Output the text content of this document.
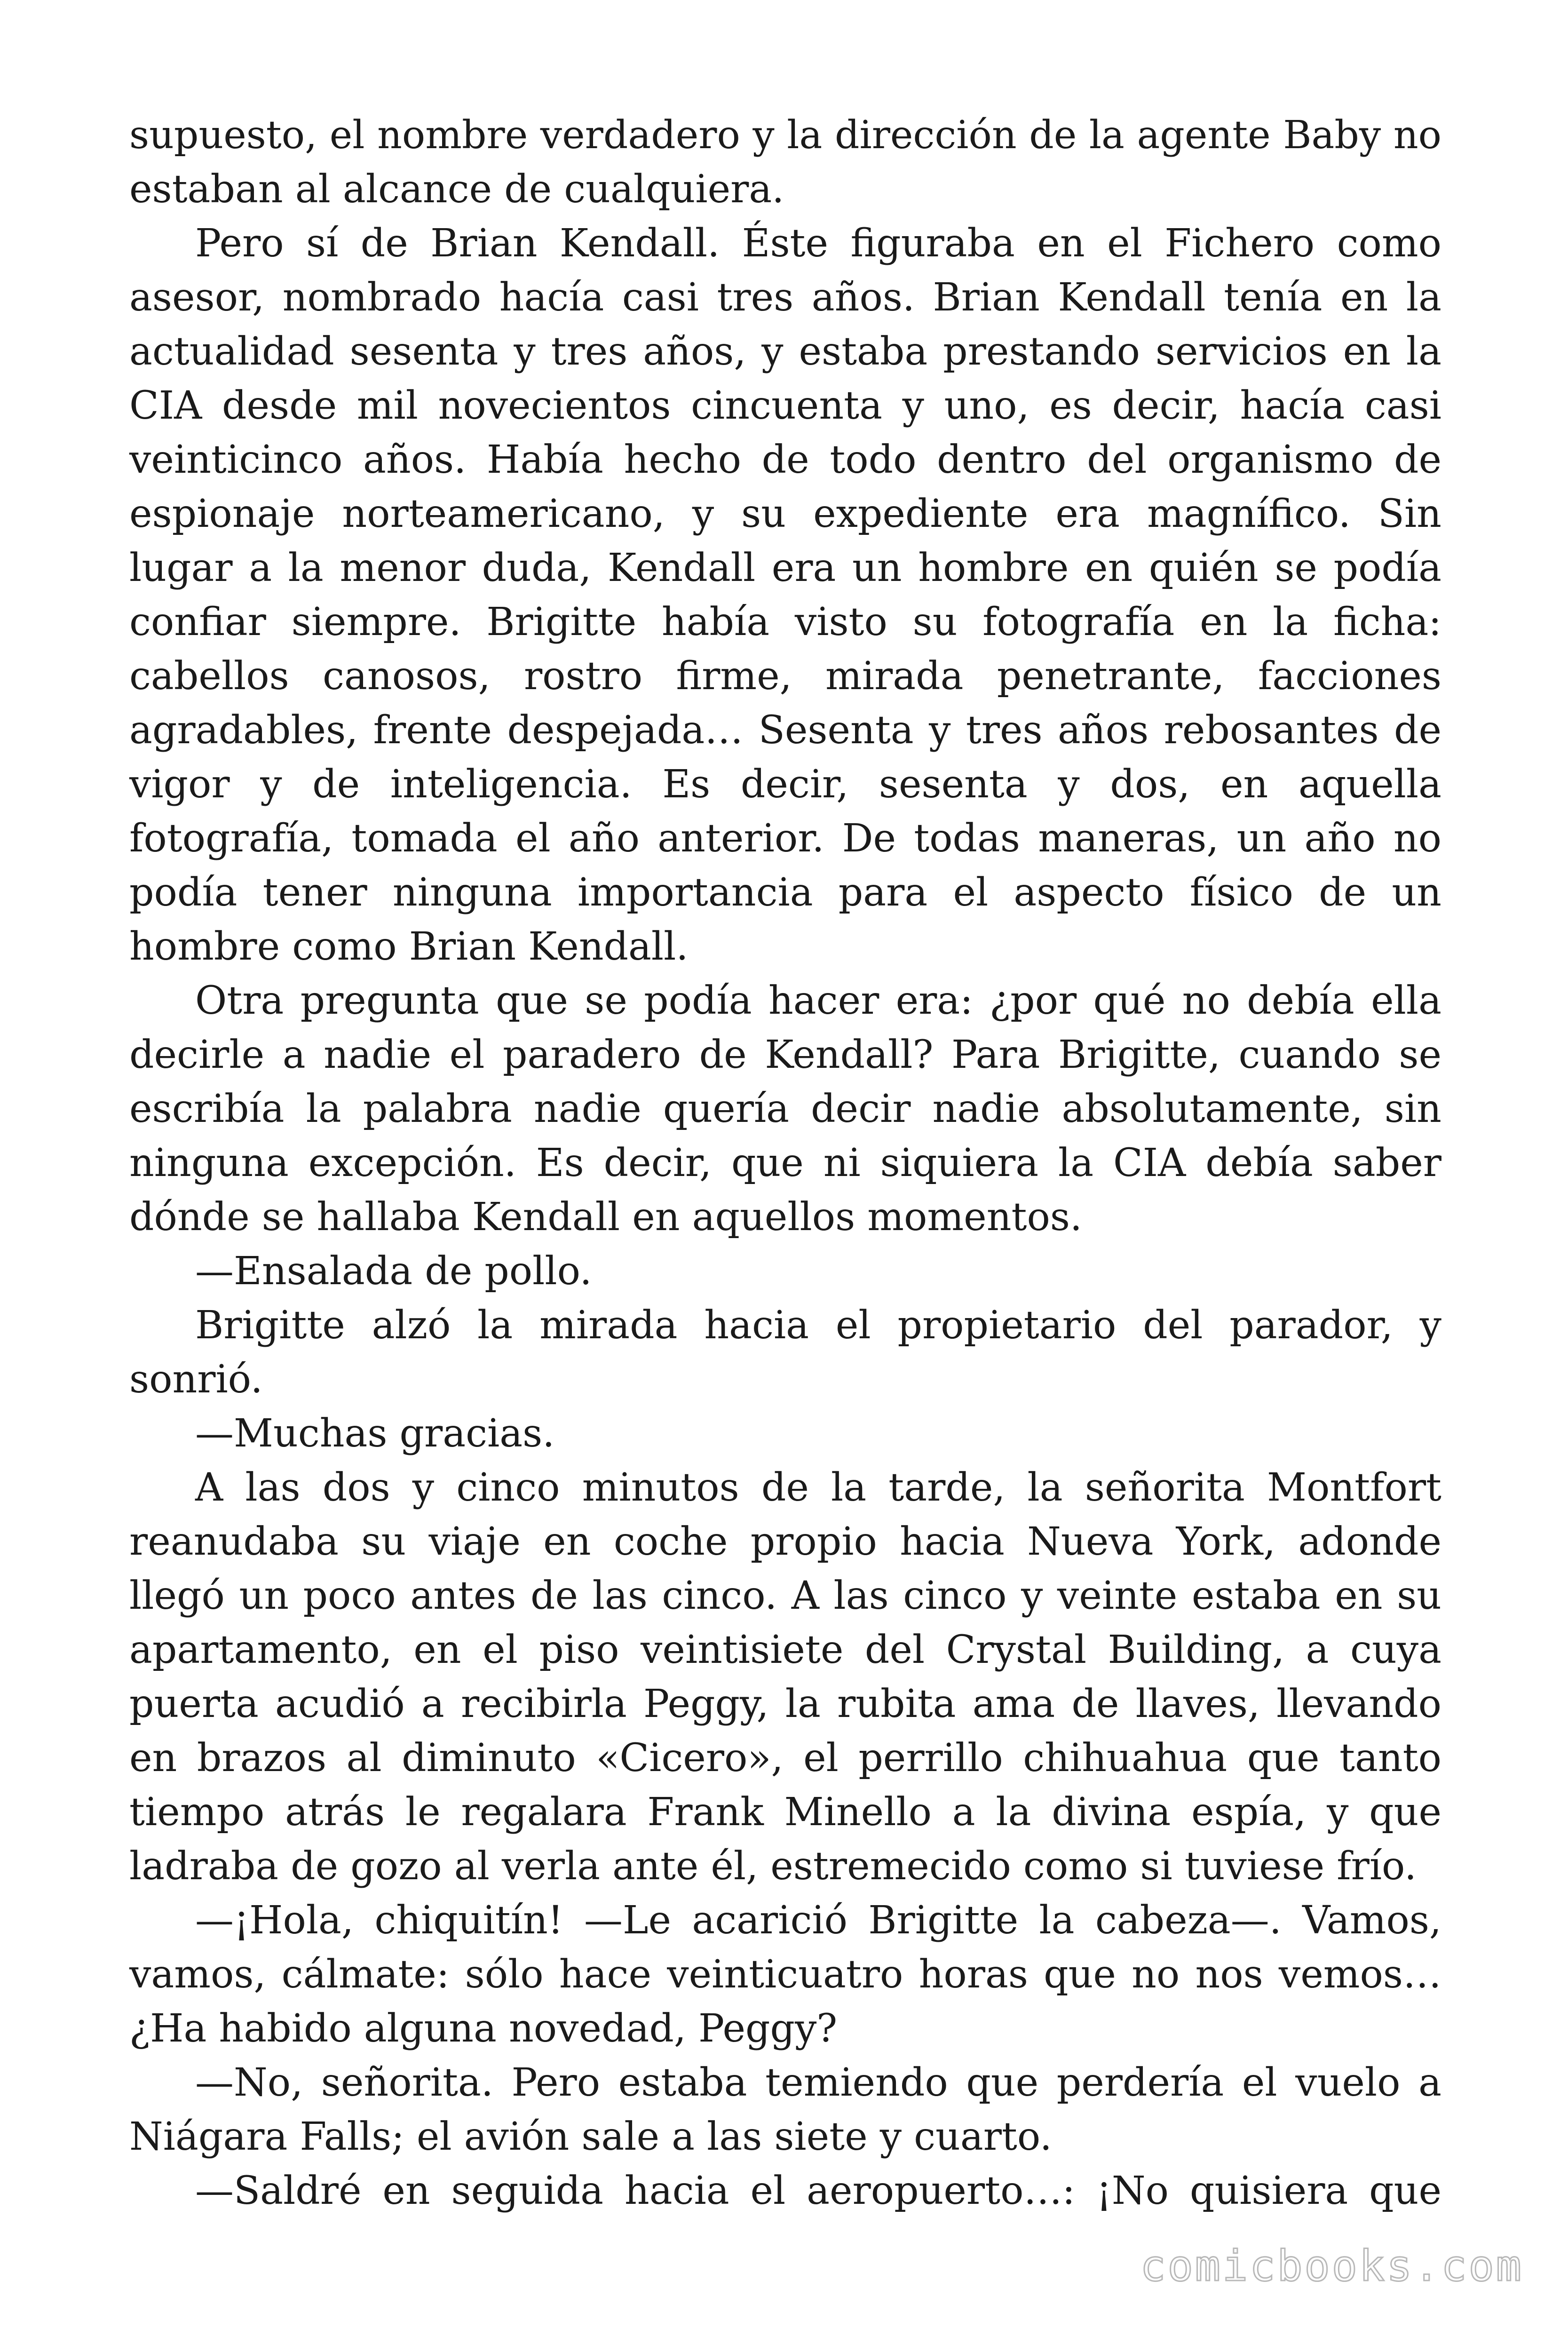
supuesto, el nombre verdadero y la dirección de la agente Baby no estaban al alcance de cualquiera.

Pero sí de Brian Kendall. Éste figuraba en el Fichero como asesor, nombrado hacía casi tres años. Brian Kendall tenía en la actualidad sesenta y tres años, y estaba prestando servicios en la CIA desde mil novecientos cincuenta y uno, es decir, hacía casi veinticinco años. Había hecho de todo dentro del organismo de espionaje norteamericano, y su expediente era magnífico. Sin lugar a la menor duda, Kendall era un hombre en quién se podía confiar siempre. Brigitte había visto su fotografía en la ficha: cabellos canosos, rostro firme, mirada penetrante, facciones agradables, frente despejada… Sesenta y tres años rebosantes de vigor y de inteligencia. Es decir, sesenta y dos, en aquella fotografía, tomada el año anterior. De todas maneras, un año no podía tener ninguna importancia para el aspecto físico de un hombre como Brian Kendall.

Otra pregunta que se podía hacer era: ¿por qué no debía ella decirle a nadie el paradero de Kendall? Para Brigitte, cuando se escribía la palabra nadie quería decir nadie absolutamente, sin ninguna excepción. Es decir, que ni siquiera la CIA debía saber dónde se hallaba Kendall en aquellos momentos.

—Ensalada de pollo.

Brigitte alzó la mirada hacia el propietario del parador, y sonrió.

—Muchas gracias.

A las dos y cinco minutos de la tarde, la señorita Montfort reanudaba su viaje en coche propio hacia Nueva York, adonde llegó un poco antes de las cinco. A las cinco y veinte estaba en su apartamento, en el piso veintisiete del Crystal Building, a cuya puerta acudió a recibirla Peggy, la rubita ama de llaves, llevando en brazos al diminuto «Cicero», el perrillo chihuahua que tanto tiempo atrás le regalara Frank Minello a la divina espía, y que ladraba de gozo al verla ante él, estremecido como si tuviese frío.

—¡Hola, chiquitín! —Le acarició Brigitte la cabeza—. Vamos, vamos, cálmate: sólo hace veinticuatro horas que no nos vemos… ¿Ha habido alguna novedad, Peggy?

—No, señorita. Pero estaba temiendo que perdería el vuelo a Niágara Falls; el avión sale a las siete y cuarto.

—Saldré en seguida hacia el aeropuerto…: ¡No quisiera que

comicbooks.com
